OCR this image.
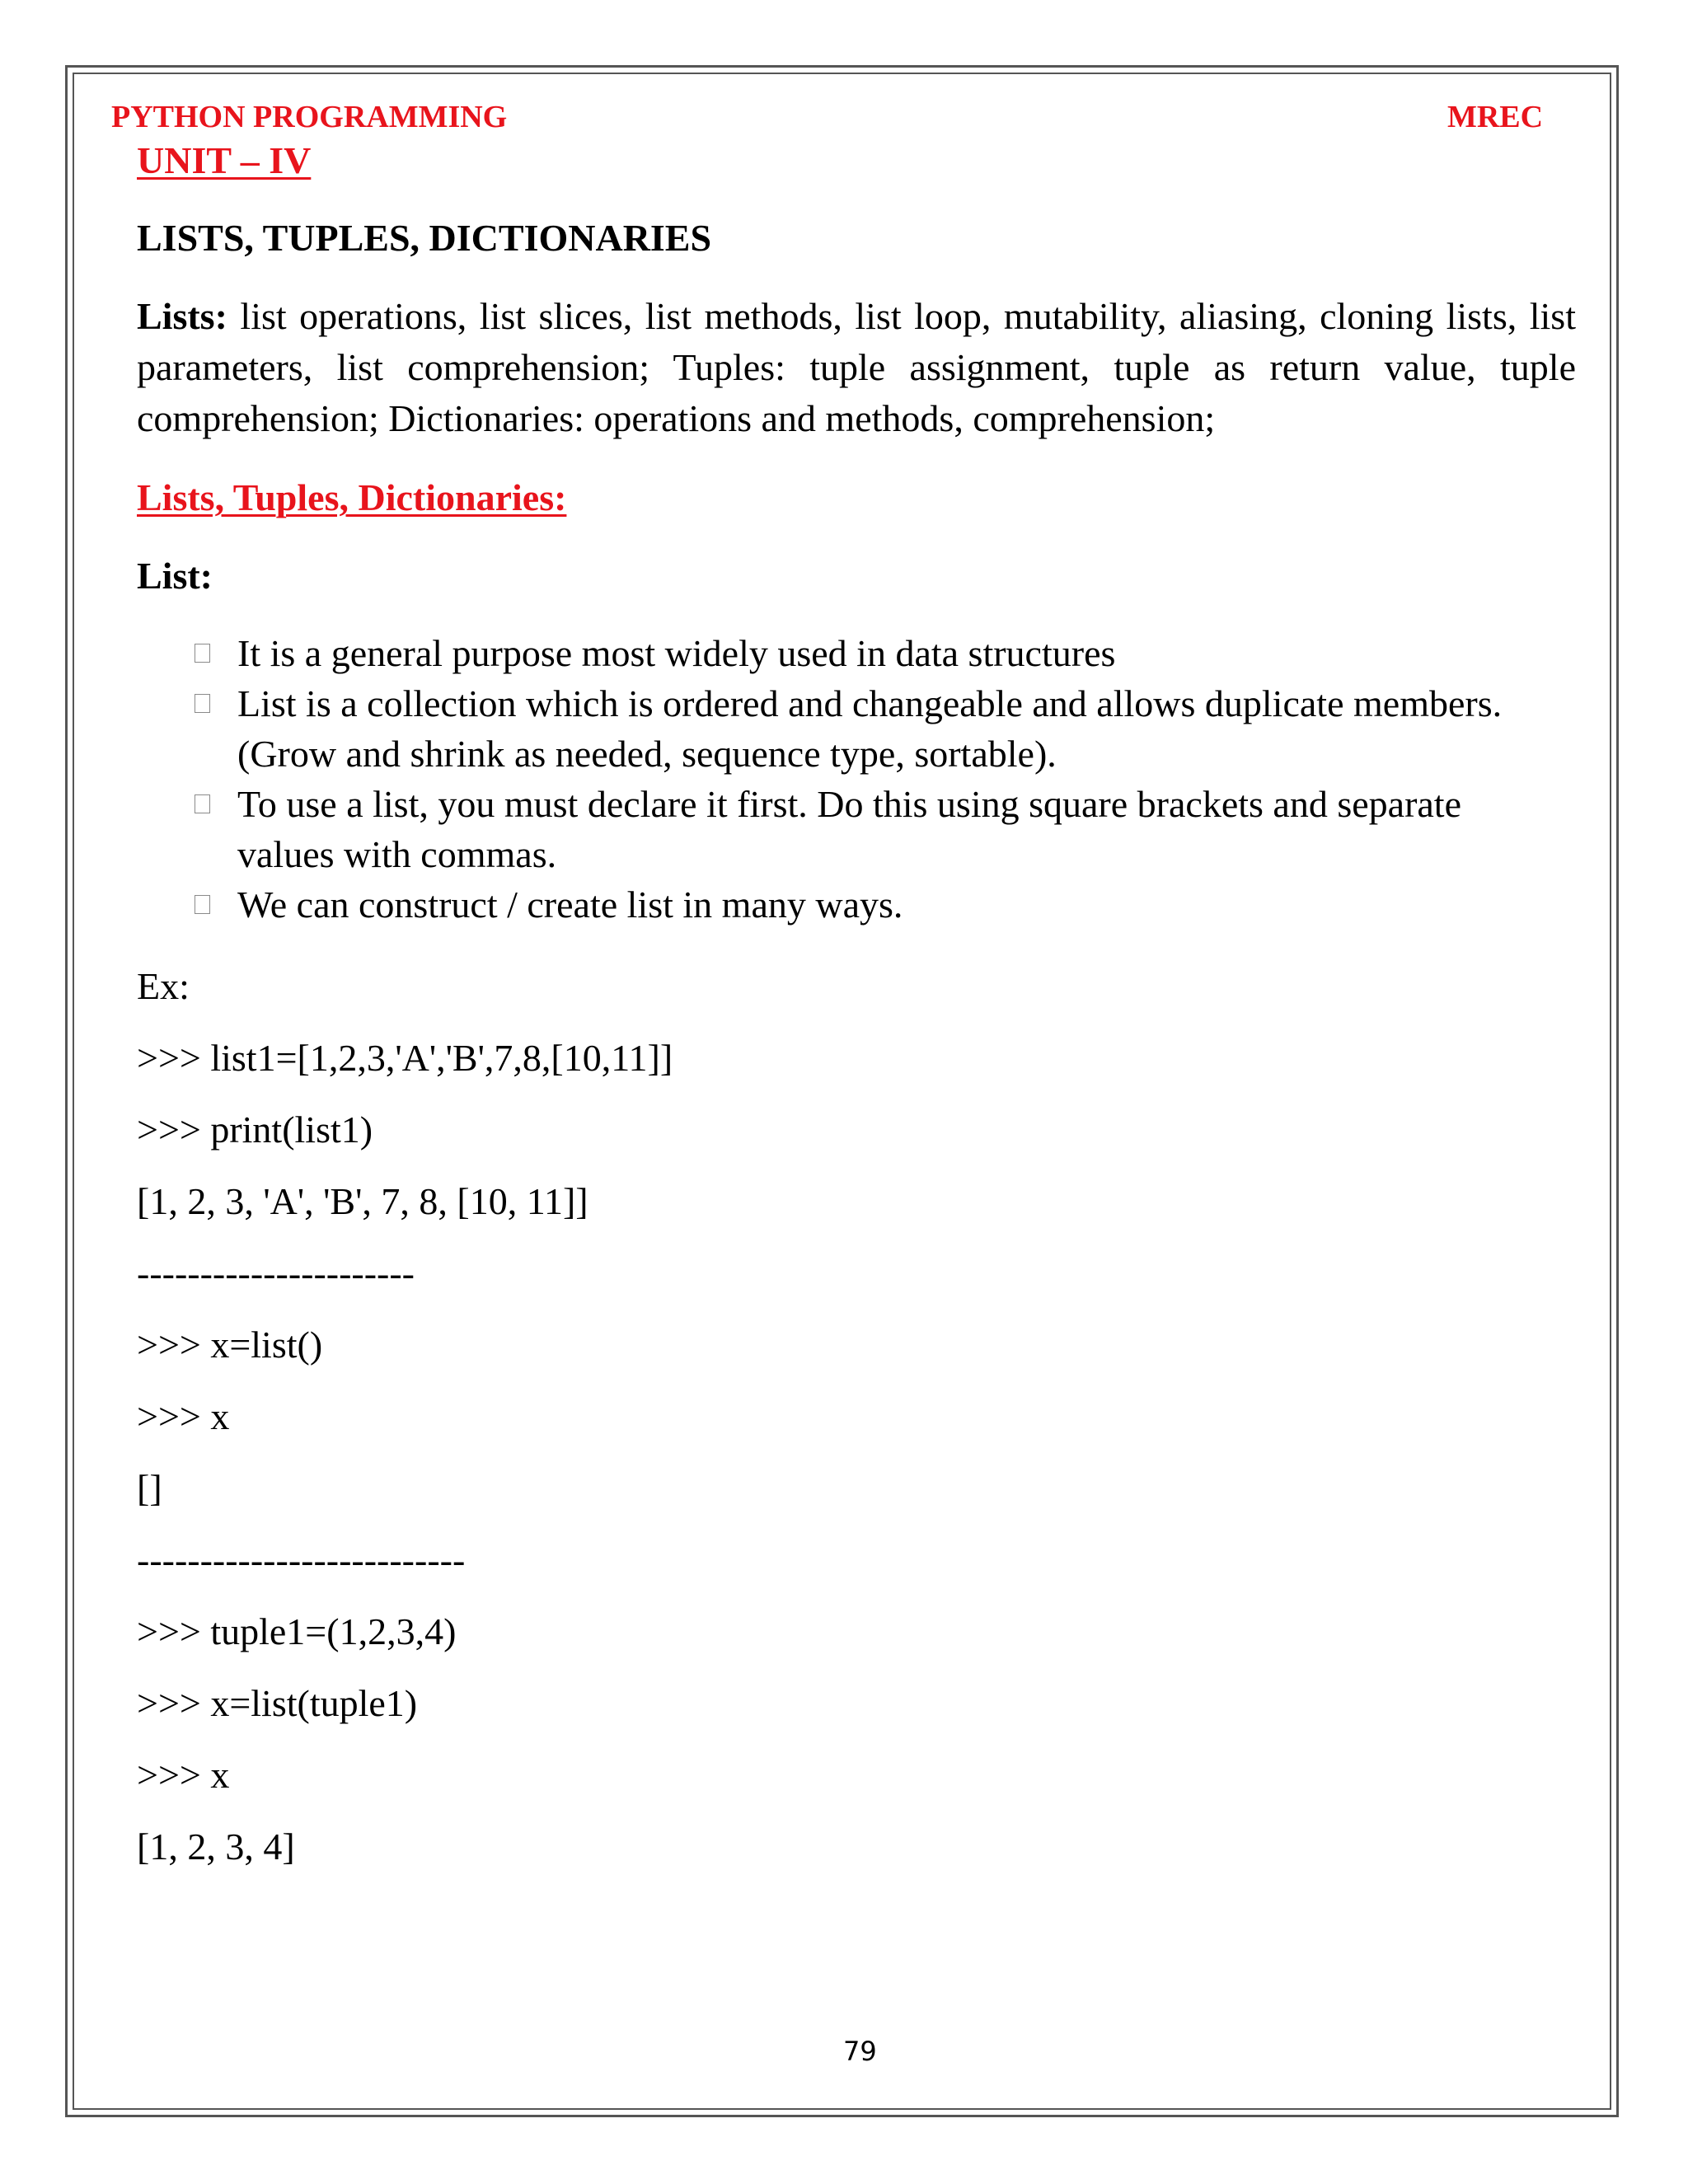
PYTHON PROGRAMMING	MREC
UNIT – IV
LISTS, TUPLES, DICTIONARIES
Lists: list operations, list slices, list methods, list loop, mutability, aliasing, cloning lists, list parameters, list comprehension; Tuples: tuple assignment, tuple as return value, tuple comprehension; Dictionaries: operations and methods, comprehension;
Lists, Tuples, Dictionaries:
List:
It is a general purpose most widely used in data structures
List is a collection which is ordered and changeable and allows duplicate members. (Grow and shrink as needed, sequence type, sortable).
To use a list, you must declare it first. Do this using square brackets and separate values with commas.
We can construct / create list in many ways.
Ex:
>>> list1=[1,2,3,'A','B',7,8,[10,11]]
>>> print(list1)
[1, 2, 3, 'A', 'B', 7, 8, [10, 11]]
----------------------
>>> x=list()
>>> x
[]
--------------------------
>>> tuple1=(1,2,3,4)
>>> x=list(tuple1)
>>> x
[1, 2, 3, 4]
79
